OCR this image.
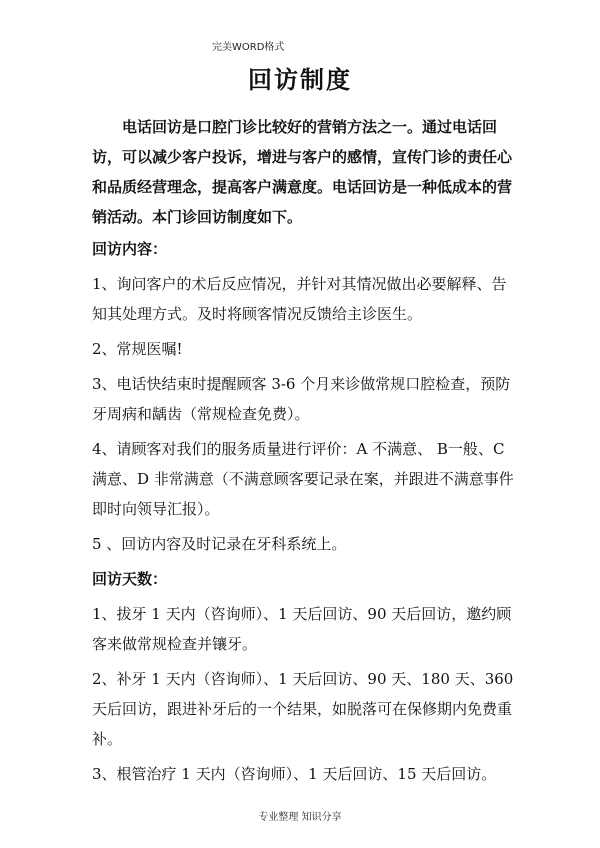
完美WORD格式
回访制度

电话回访是口腔门诊比较好的营销方法之一。通过电话回访，可以减少客户投诉，增进与客户的感情，宣传门诊的责任心和品质经营理念，提高客户满意度。电话回访是一种低成本的营销活动。本门诊回访制度如下。

回访内容：

1、询问客户的术后反应情况，并针对其情况做出必要解释、告知其处理方式。及时将顾客情况反馈给主诊医生。

2、常规医嘱!

3、电话快结束时提醒顾客 3-6 个月来诊做常规口腔检查，预防牙周病和龋齿（常规检查免费）。

4、请顾客对我们的服务质量进行评价：A 不满意、 B一般、C 满意、D 非常满意（不满意顾客要记录在案，并跟进不满意事件即时向领导汇报）。

5 、回访内容及时记录在牙科系统上。

回访天数：

1、拔牙 1 天内（咨询师）、1 天后回访、90 天后回访，邀约顾客来做常规检查并镶牙。

2、补牙 1 天内（咨询师）、1 天后回访、90 天、180 天、360 天后回访，跟进补牙后的一个结果，如脱落可在保修期内免费重补。

3、根管治疗 1 天内（咨询师）、1 天后回访、15 天后回访。

专业整理 知识分享
